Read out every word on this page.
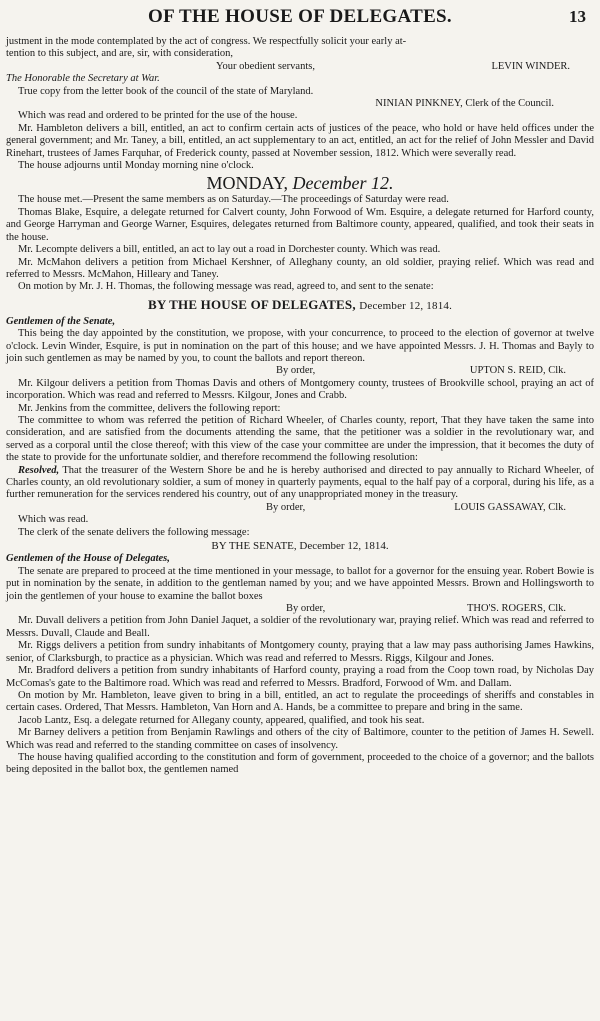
OF THE HOUSE OF DELEGATES.	13

justment in the mode contemplated by the act of congress. We respectfully solicit your early at-

tention to this subject, and are, sir, with consideration,

Your obedient servants,	LEVIN WINDER.

The Honorable the Secretary at War.

True copy from the letter book of the council of the state of Maryland.

NINIAN PINKNEY, Clerk of the Council.

Which was read and ordered to be printed for the use of the house.

Mr. Hambleton delivers a bill, entitled, an act to confirm certain acts of justices of the peace, who hold or have held offices under the general government; and Mr. Taney, a bill, entitled, an act supplementary to an act, entitled, an act for the relief of John Messler and David Rinehart, trustees of James Farquhar, of Frederick county, passed at November session, 1812. Which were severally read.

The house adjourns until Monday morning nine o'clock.

MONDAY, December 12.

The house met.—Present the same members as on Saturday.—The proceedings of Saturday were read.

Thomas Blake, Esquire, a delegate returned for Calvert county, John Forwood of Wm. Esquire, a delegate returned for Harford county, and George Harryman and George Warner, Esquires, delegates returned from Baltimore county, appeared, qualified, and took their seats in the house.

Mr. Lecompte delivers a bill, entitled, an act to lay out a road in Dorchester county. Which was read.

Mr. McMahon delivers a petition from Michael Kershner, of Alleghany county, an old soldier, praying relief. Which was read and referred to Messrs. McMahon, Hilleary and Taney.

On motion by Mr. J. H. Thomas, the following message was read, agreed to, and sent to the senate:

BY THE HOUSE OF DELEGATES, December 12, 1814.

Gentlemen of the Senate,

This being the day appointed by the constitution, we propose, with your concurrence, to proceed to the election of governor at twelve o'clock. Levin Winder, Esquire, is put in nomination on the part of this house; and we have appointed Messrs. J. H. Thomas and Bayly to join such gentlemen as may be named by you, to count the ballots and report thereon.

By order,	UPTON S. REID, Clk.

Mr. Kilgour delivers a petition from Thomas Davis and others of Montgomery county, trustees of Brookville school, praying an act of incorporation. Which was read and referred to Messrs. Kilgour, Jones and Crabb.

Mr. Jenkins from the committee, delivers the following report:

The committee to whom was referred the petition of Richard Wheeler, of Charles county, report, That they have taken the same into consideration, and are satisfied from the documents attending the same, that the petitioner was a soldier in the revolutionary war, and served as a corporal until the close thereof; with this view of the case your committee are under the impression, that it becomes the duty of the state to provide for the unfortunate soldier, and therefore recommend the following resolution:

Resolved, That the treasurer of the Western Shore be and he is hereby authorised and directed to pay annually to Richard Wheeler, of Charles county, an old revolutionary soldier, a sum of money in quarterly payments, equal to the half pay of a corporal, during his life, as a further remuneration for the services rendered his country, out of any unappropriated money in the treasury.

By order,	LOUIS GASSAWAY, Clk.

Which was read.

The clerk of the senate delivers the following message:

BY THE SENATE, December 12, 1814.

Gentlemen of the House of Delegates,

The senate are prepared to proceed at the time mentioned in your message, to ballot for a governor for the ensuing year. Robert Bowie is put in nomination by the senate, in addition to the gentleman named by you; and we have appointed Messrs. Brown and Hollingsworth to join the gentlemen of your house to examine the ballot boxes

By order,	THO'S. ROGERS, Clk.

Mr. Duvall delivers a petition from John Daniel Jaquet, a soldier of the revolutionary war, praying relief. Which was read and referred to Messrs. Duvall, Claude and Beall.

Mr. Riggs delivers a petition from sundry inhabitants of Montgomery county, praying that a law may pass authorising James Hawkins, senior, of Clarksburgh, to practice as a physician. Which was read and referred to Messrs. Riggs, Kilgour and Jones.

Mr. Bradford delivers a petition from sundry inhabitants of Harford county, praying a road from the Coop town road, by Nicholas Day McComas's gate to the Baltimore road. Which was read and referred to Messrs. Bradford, Forwood of Wm. and Dallam.

On motion by Mr. Hambleton, leave given to bring in a bill, entitled, an act to regulate the proceedings of sheriffs and constables in certain cases. Ordered, That Messrs. Hambleton, Van Horn and A. Hands, be a committee to prepare and bring in the same.

Jacob Lantz, Esq. a delegate returned for Allegany county, appeared, qualified, and took his seat.

Mr Barney delivers a petition from Benjamin Rawlings and others of the city of Baltimore, counter to the petition of James H. Sewell. Which was read and referred to the standing committee on cases of insolvency.

The house having qualified according to the constitution and form of government, proceeded to the choice of a governor; and the ballots being deposited in the ballot box, the gentlemen named
